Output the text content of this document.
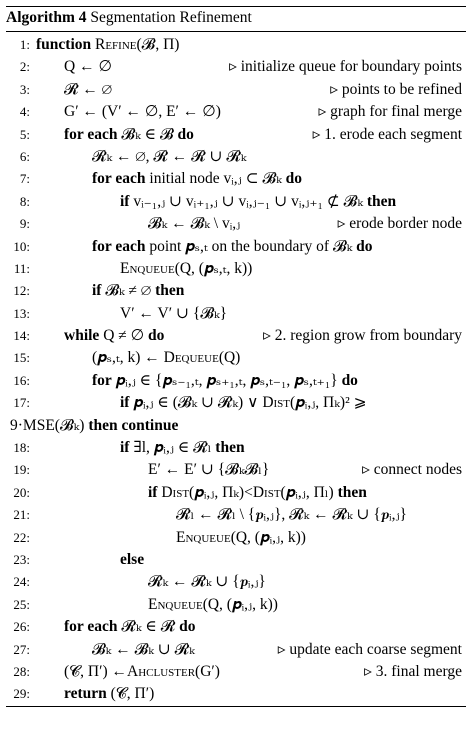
Algorithm 4 Segmentation Refinement
1: function Refine(𝓑, Π)
2: Q ← ∅	▹ initialize queue for boundary points
3: 𝓡 ← ∅	▹ points to be refined
4: G′ ← (V′ ← ∅, E′ ← ∅)	▹ graph for final merge
5: for each 𝓑ₖ ∈ 𝓑 do	▹ 1. erode each segment
6:	𝓡ₖ ← ∅, 𝓡 ← 𝓡 ∪ 𝓡ₖ
7:	for each initial node vᵢ,ⱼ ⊂ 𝓑ₖ do
8:	if vᵢ₋₁,ⱼ ∪ vᵢ₊₁,ⱼ ∪ vᵢ,ⱼ₋₁ ∪ vᵢ,ⱼ₊₁ ⊄ 𝓑ₖ then
9:	𝓑ₖ ← 𝓑ₖ \ vᵢ,ⱼ	▹ erode border node
10:	for each point 𝒑ₛ,ₜ on the boundary of 𝓑ₖ do
11:	Enqueue(Q, (𝒑ₛ,ₜ, k))
12:	if 𝓑ₖ ≠ ∅ then
13:	V′ ← V′ ∪ {𝓑ₖ}
14: while Q ≠ ∅ do	▹ 2. region grow from boundary
15:	(𝒑ₛ,ₜ, k) ← Dequeue(Q)
16:	for 𝒑ᵢ,ⱼ ∈ {𝒑ₛ₋₁,ₜ, 𝒑ₛ₊₁,ₜ, 𝒑ₛ,ₜ₋₁, 𝒑ₛ,ₜ₊₁} do
17:	if 𝒑ᵢ,ⱼ ∈ (𝓑ₖ ∪ 𝓡ₖ) ∨ Dist(𝒑ᵢ,ⱼ, Πₖ)² ⩾
9·MSE(𝓑ₖ) then continue
18:	if ∃l, 𝒑ᵢ,ⱼ ∈ 𝓡ₗ then
19:	E′ ← E′ ∪ {𝓑ₖ𝓑ₗ}	▹ connect nodes
20:	if Dist(𝒑ᵢ,ⱼ, Πₖ)<Dist(𝒑ᵢ,ⱼ, Πₗ) then
21:	𝓡ₗ ← 𝓡ₗ \ {𝒑ᵢ,ⱼ}, 𝓡ₖ ← 𝓡ₖ ∪ {𝒑ᵢ,ⱼ}
22:	Enqueue(Q, (𝒑ᵢ,ⱼ, k))
23:	else
24:	𝓡ₖ ← 𝓡ₖ ∪ {𝒑ᵢ,ⱼ}
25:	Enqueue(Q, (𝒑ᵢ,ⱼ, k))
26: for each 𝓡ₖ ∈ 𝓡 do
27:	𝓑ₖ ← 𝓑ₖ ∪ 𝓡ₖ	▹ update each coarse segment
28: (𝓒, Π′) ←Ahcluster(G′)	▹ 3. final merge
29: return (𝓒, Π′)
